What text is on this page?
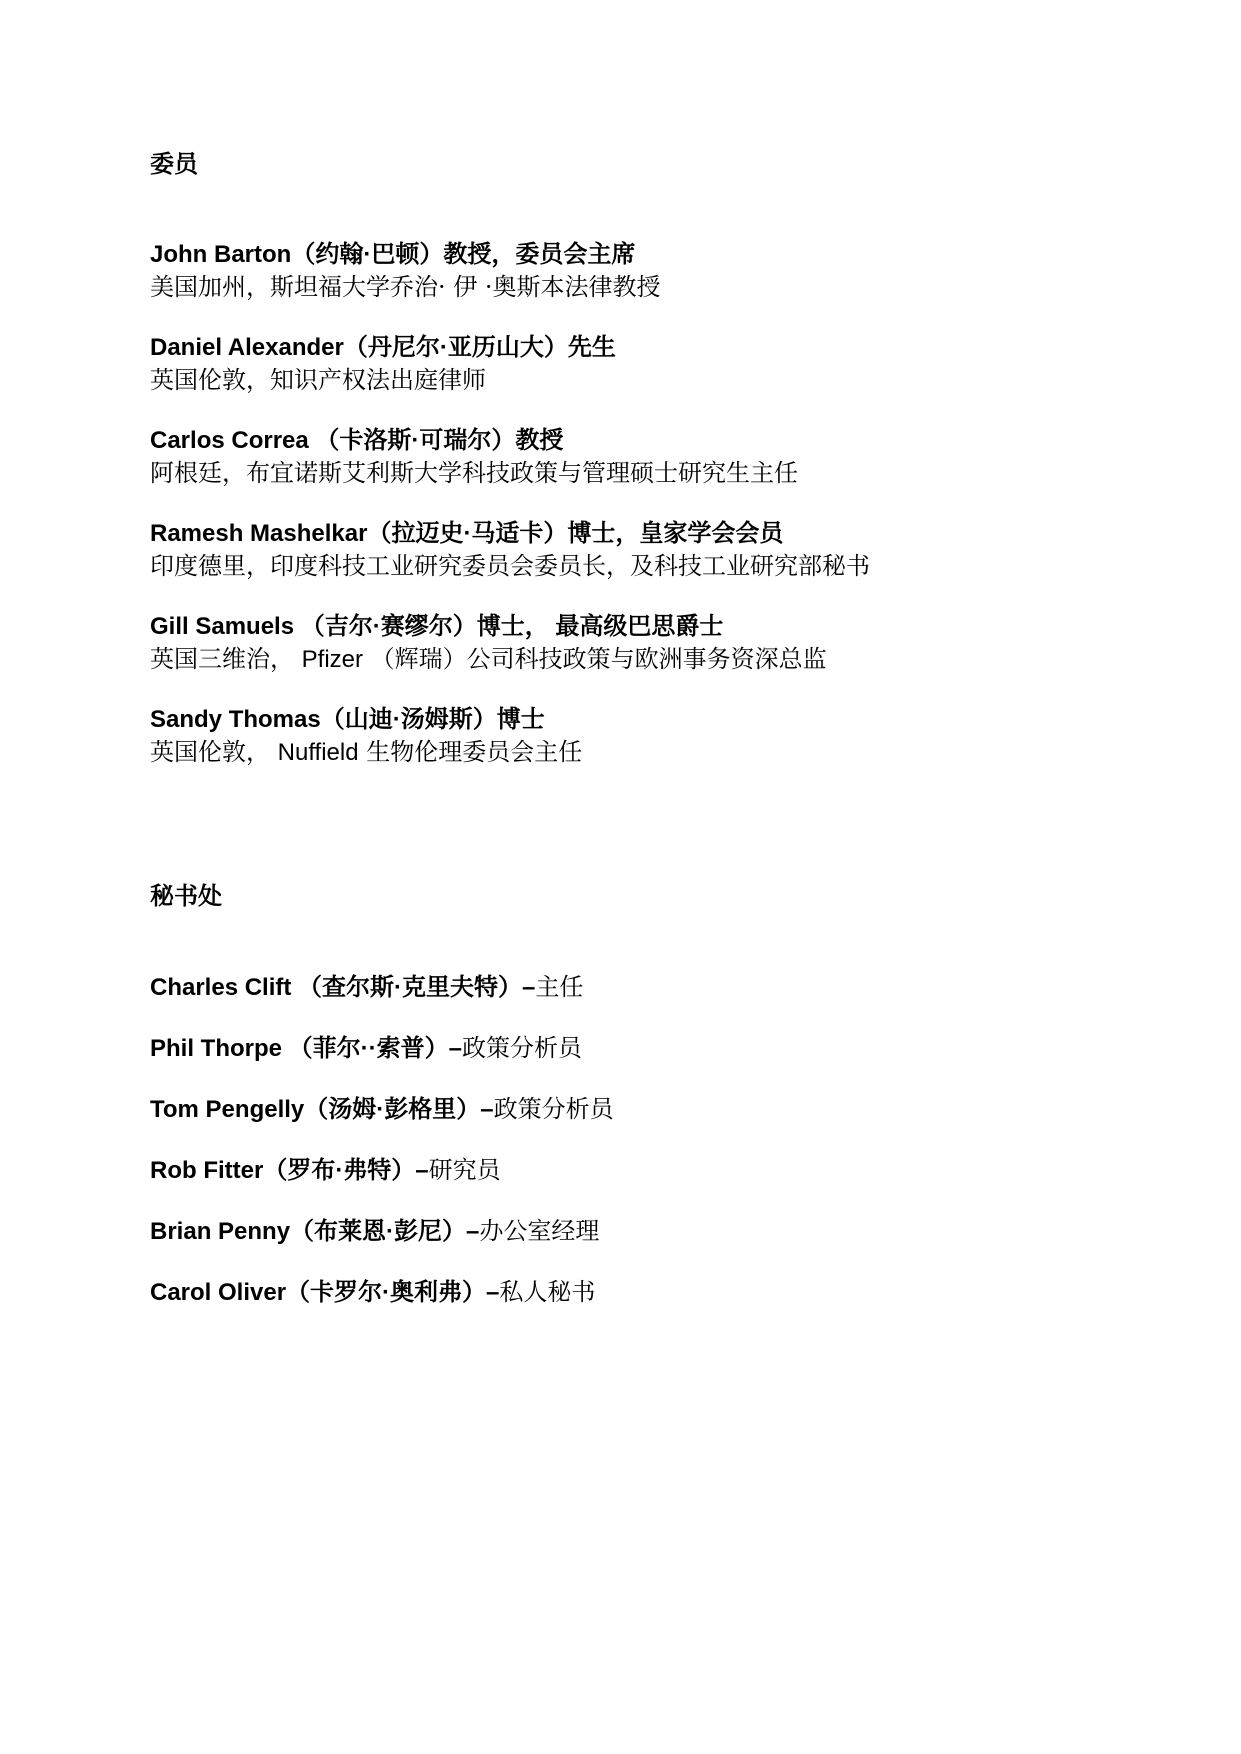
委员
John Barton（约翰·巴顿）教授，委员会主席
美国加州，斯坦福大学乔治· 伊 ·奥斯本法律教授
Daniel Alexander（丹尼尔·亚历山大）先生
英国伦敦，知识产权法出庭律师
Carlos Correa （卡洛斯·可瑞尔）教授
阿根廷，布宜诺斯艾利斯大学科技政策与管理硕士研究生主任
Ramesh Mashelkar（拉迈史·马适卡）博士，皇家学会会员
印度德里，印度科技工业研究委员会委员长，及科技工业研究部秘书
Gill Samuels （吉尔·赛缪尔）博士， 最高级巴思爵士
英国三维治， Pfizer （辉瑞）公司科技政策与欧洲事务资深总监
Sandy Thomas（山迪·汤姆斯）博士
英国伦敦， Nuffield 生物伦理委员会主任
秘书处
Charles Clift （查尔斯·克里夫特）–主任
Phil Thorpe （菲尔··索普）–政策分析员
Tom Pengelly（汤姆·彭格里）–政策分析员
Rob Fitter（罗布·弗特）–研究员
Brian Penny（布莱恩·彭尼）–办公室经理
Carol Oliver（卡罗尔·奥利弗）–私人秘书
